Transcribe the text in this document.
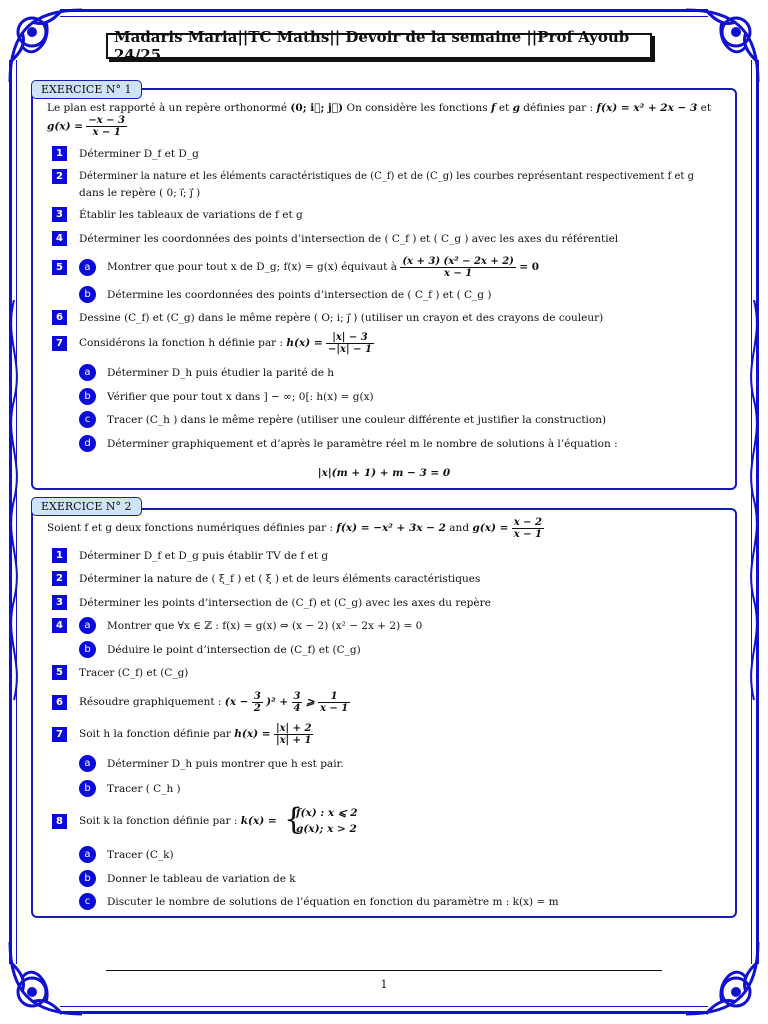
Madaris Maria||TC Maths|| Devoir de la semaine ||Prof Ayoub 24/25
EXERCICE N° 1
Le plan est rapporté à un repère orthonormé (0; i⃗; j⃗) On considère les fonctions f et g définies par : f(x) = x² + 2x − 3 et
$g(x) = \frac{-x - 3}{x - 1}$
1	Déterminer D_f et D_g
2	Déterminer la nature et les éléments caractéristiques de (C_f) et de (C_g) les courbes représentant respectivement f et g
dans le repère ( 0; i⃗; j⃗ )
3	Établir les tableaux de variations de f et g
4	Déterminer les coordonnées des points d’intersection de ( C_f ) et ( C_g ) avec les axes du référentiel
5	a	Montrer que pour tout x de D_g; f(x) = g(x) équivaut à $\frac{\text{(x + 3) (x² − 2x + 2)}}{x - 1} = 0$
b	Détermine les coordonnées des points d’intersection de ( C_f ) et ( C_g )
6	Dessine (C_f) et (C_g) dans le même repère ( O; i; j⃗ ) (utiliser un crayon et des crayons de couleur)
7	Considérons la fonction h définie par : $h(x) = \frac{|x| - 3}{-|x| - 1}$
a	Déterminer D_h puis étudier la parité de h
b	Vérifier que pour tout x dans ] − ∞; 0[: h(x) = g(x)
c	Tracer (C_h ) dans le même repère (utiliser une couleur différente et justifier la construction)
d	Déterminer graphiquement et d’après le paramètre réel m le nombre de solutions à l’équation :
|x|(m + 1) + m − 3 = 0
EXERCICE N° 2
Soient f et g deux fonctions numériques définies par : f(x) = −x² + 3x − 2 and $g(x) = \frac{x - 2}{x - 1}$
1	Déterminer D_f et D_g puis établir TV de f et g
2	Déterminer la nature de ( ξ_f ) et ( ξ ) et de leurs éléments caractéristiques
3	Déterminer les points d’intersection de (C_f) et (C_g) avec les axes du repère
4	a	Montrer que ∀x ∈ ℤ : f(x) = g(x) ⇔ (x − 2) (x² − 2x + 2) = 0
b	Déduire le point d’intersection de (C_f) et (C_g)
5	Tracer (C_f) et (C_g)
6	Résoudre graphiquement : $(x - \frac{3}{2} )^2 + \frac{3}{4}$ ⩾ $\frac{1}{x - 1}$
7	Soit h la fonction définie par $h(x) = \frac{|x| + 2}{|x| + 1}$
a	Déterminer D_h puis montrer que h est pair.
b	Tracer ( C_h )
8	Soit k la fonction définie par : k(x) = {
f(x) : x ⩽ 2
g(x); x > 2
a	Tracer (C_k)
b	Donner le tableau de variation de k
c	Discuter le nombre de solutions de l’équation en fonction du paramètre m : k(x) = m
1
